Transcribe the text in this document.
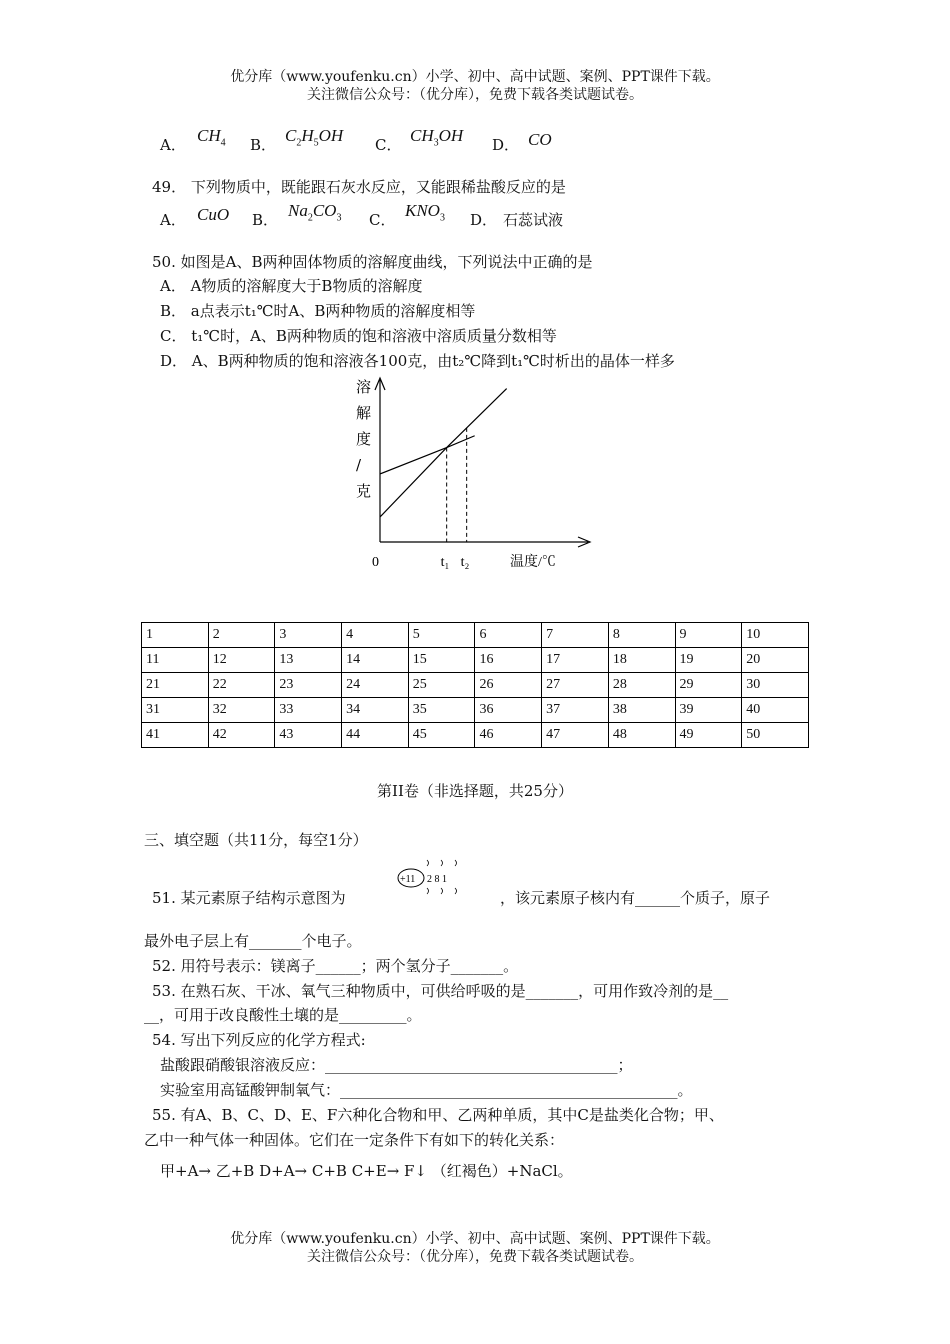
优分库（www.youfenku.cn）小学、初中、高中试题、案例、PPT课件下载。
关注微信公众号：（优分库），免费下载各类试题试卷。
A． $CH_4$ B． $C_2H_5OH$ C． $CH_3OH$ D． CO
49． 下列物质中，既能跟石灰水反应，又能跟稀盐酸反应的是
A． CuO B． $Na_2CO_3$ C． $KNO_3$ D． 石蕊试液
50. 如图是A、B两种固体物质的溶解度曲线，下列说法中正确的是
A． A物质的溶解度大于B物质的溶解度
B． a点表示t₁℃时A、B两种物质的溶解度相等
C． t₁℃时，A、B两种物质的饱和溶液中溶质质量分数相等
D． A、B两种物质的饱和溶液各100克，由t₂℃降到t₁℃时析出的晶体一样多
溶
解
度
/
克
0	t₁ t₂	温度/℃
1	2	3	4	5	6	7	8	9	10
11	12	13	14	15	16	17	18	19	20
21	22	23	24	25	26	27	28	29	30
31	32	33	34	35	36	37	38	39	40
41	42	43	44	45	46	47	48	49	50
第II卷（非选择题，共25分）
三、填空题（共11分，每空1分）
51. 某元素原子结构示意图为
+11 2 8 1
，该元素原子核内有______个质子，原子
最外电子层上有_______个电子。
52. 用符号表示：镁离子______；两个氢分子_______。
53. 在熟石灰、干冰、氧气三种物质中，可供给呼吸的是_______，可用作致冷剂的是__
__，可用于改良酸性土壤的是_________。
54. 写出下列反应的化学方程式:
盐酸跟硝酸银溶液反应：_______________________________________；
实验室用高锰酸钾制氧气：_____________________________________________。
55. 有A、B、C、D、E、F六种化合物和甲、乙两种单质，其中C是盐类化合物；甲、
乙中一种气体一种固体。它们在一定条件下有如下的转化关系：
甲+A→ 乙+B D+A→ C+B C+E→ F↓ （红褐色）+NaCl。
优分库（www.youfenku.cn）小学、初中、高中试题、案例、PPT课件下载。
关注微信公众号：（优分库），免费下载各类试题试卷。
